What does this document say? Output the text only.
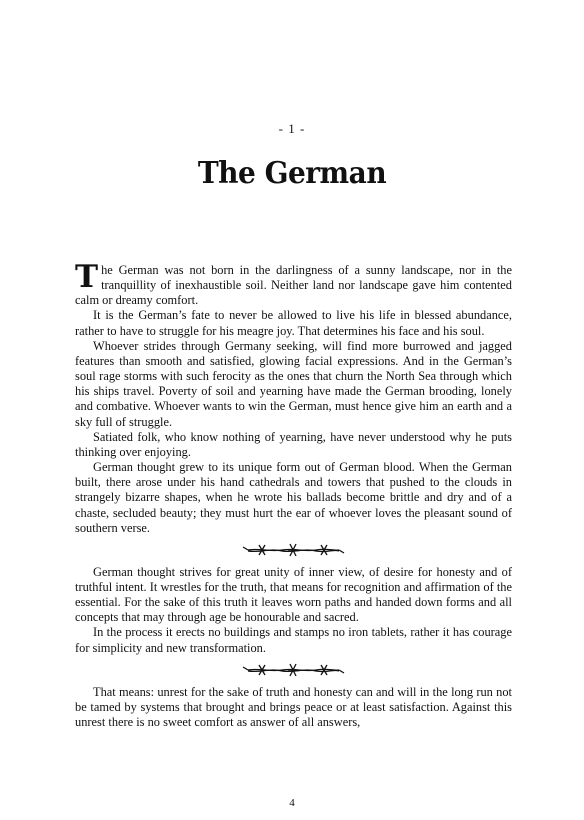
- 1 -
The German

The German was not born in the darlingness of a sunny landscape, nor in the tranquillity of inexhaustible soil. Neither land nor landscape gave him contented calm or dreamy comfort.

It is the German’s fate to never be allowed to live his life in blessed abundance, rather to have to struggle for his meagre joy. That determines his face and his soul.

Whoever strides through Germany seeking, will find more burrowed and jagged features than smooth and satisfied, glowing facial expressions. And in the German’s soul rage storms with such ferocity as the ones that churn the North Sea through which his ships travel. Poverty of soil and yearning have made the German brooding, lonely and combative. Whoever wants to win the German, must hence give him an earth and a sky full of struggle.

Satiated folk, who know nothing of yearning, have never understood why he puts thinking over enjoying.

German thought grew to its unique form out of German blood. When the German built, there arose under his hand cathedrals and towers that pushed to the clouds in strangely bizarre shapes, when he wrote his ballads become brittle and dry and of a chaste, secluded beauty; they must hurt the ear of whoever loves the pleasant sound of southern verse.

German thought strives for great unity of inner view, of desire for honesty and of truthful intent. It wrestles for the truth, that means for recognition and affirmation of the essential. For the sake of this truth it leaves worn paths and handed down forms and all concepts that may through age be honourable and sacred.

In the process it erects no buildings and stamps no iron tablets, rather it has courage for simplicity and new transformation.

That means: unrest for the sake of truth and honesty can and will in the long run not be tamed by systems that brought and brings peace or at least satisfaction. Against this unrest there is no sweet comfort as answer of all answers,

4
